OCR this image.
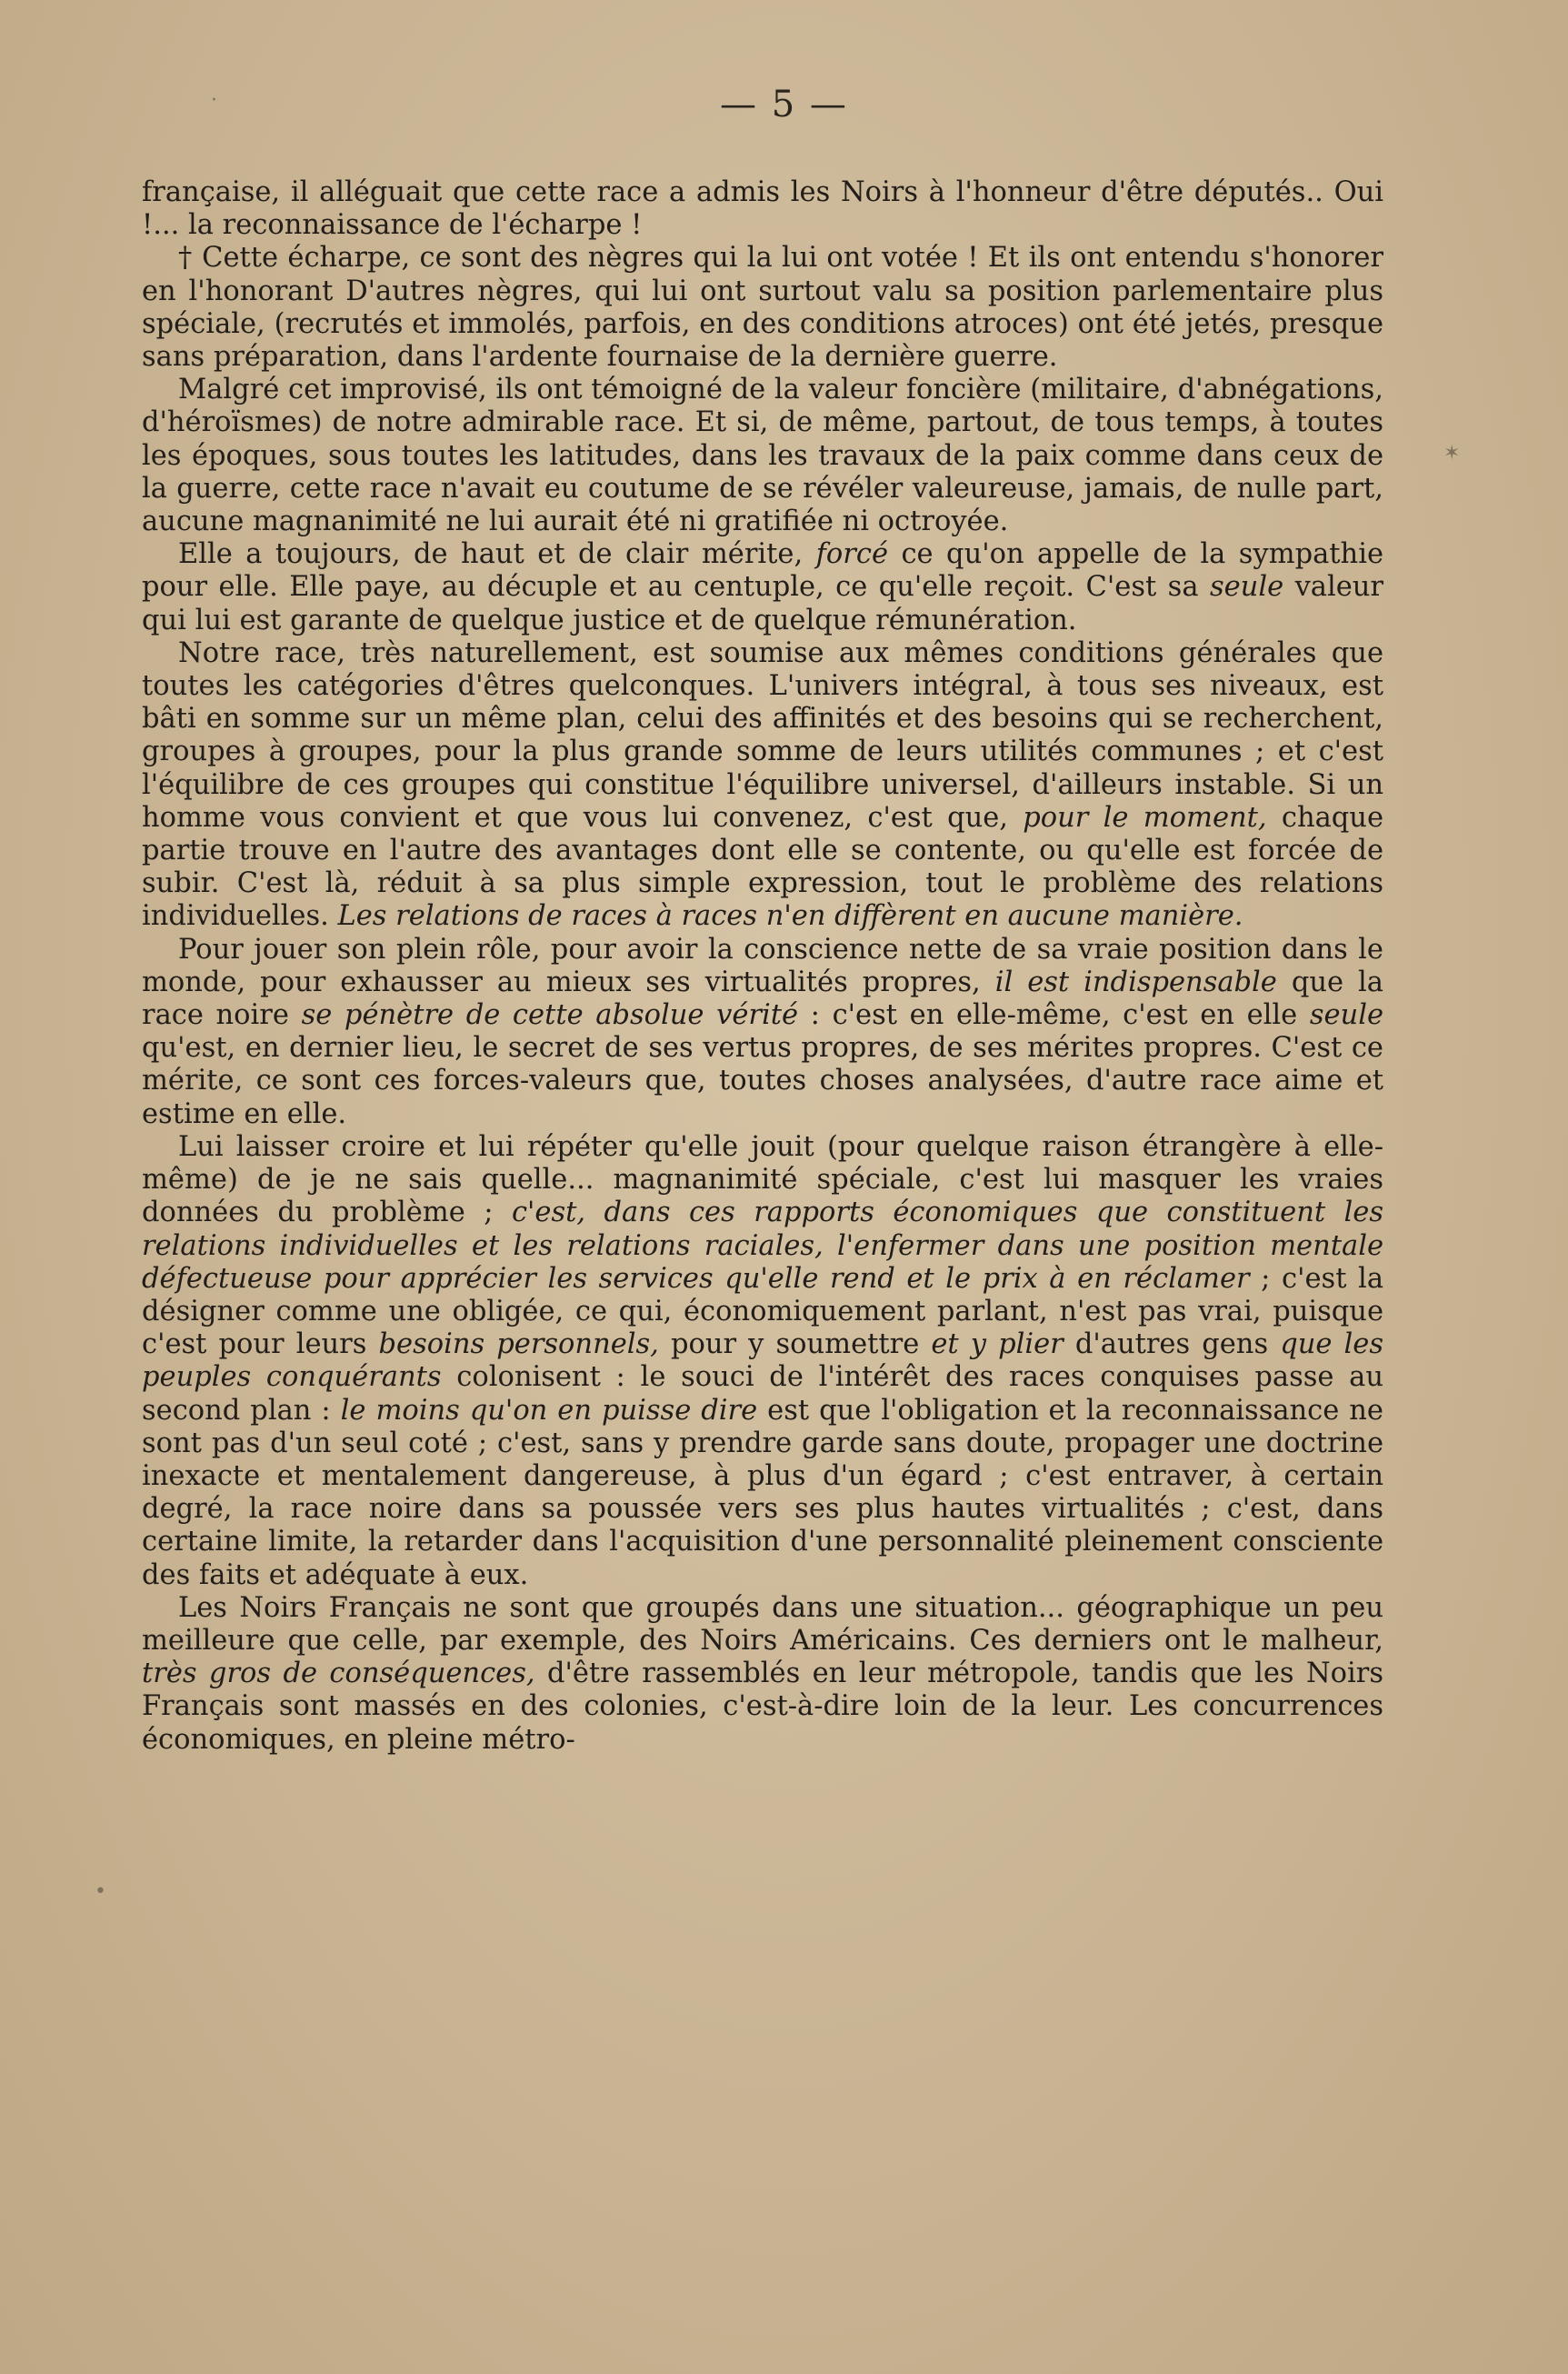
— 5 —
·
✶
•

française, il alléguait que cette race a admis les Noirs à l'honneur d'être députés.. Oui !... la reconnaissance de l'écharpe !

† Cette écharpe, ce sont des nègres qui la lui ont votée ! Et ils ont entendu s'honorer en l'honorant D'autres nègres, qui lui ont surtout valu sa position parlementaire plus spéciale, (recrutés et immolés, parfois, en des conditions atroces) ont été jetés, presque sans préparation, dans l'ardente fournaise de la dernière guerre.

Malgré cet improvisé, ils ont témoigné de la valeur foncière (militaire, d'abnégations, d'héroïsmes) de notre admirable race. Et si, de même, partout, de tous temps, à toutes les époques, sous toutes les latitudes, dans les travaux de la paix comme dans ceux de la guerre, cette race n'avait eu coutume de se révéler valeureuse, jamais, de nulle part, aucune magnanimité ne lui aurait été ni gratifiée ni octroyée.

Elle a toujours, de haut et de clair mérite, forcé ce qu'on appelle de la sympathie pour elle. Elle paye, au décuple et au centuple, ce qu'elle reçoit. C'est sa seule valeur qui lui est garante de quelque justice et de quelque rémunération.

Notre race, très naturellement, est soumise aux mêmes conditions générales que toutes les catégories d'êtres quelconques. L'univers intégral, à tous ses niveaux, est bâti en somme sur un même plan, celui des affinités et des besoins qui se recherchent, groupes à groupes, pour la plus grande somme de leurs utilités communes ; et c'est l'équilibre de ces groupes qui constitue l'équilibre universel, d'ailleurs instable. Si un homme vous convient et que vous lui convenez, c'est que, pour le moment, chaque partie trouve en l'autre des avantages dont elle se contente, ou qu'elle est forcée de subir. C'est là, réduit à sa plus simple expression, tout le problème des relations individuelles. Les relations de races à races n'en diffèrent en aucune manière.

Pour jouer son plein rôle, pour avoir la conscience nette de sa vraie position dans le monde, pour exhausser au mieux ses virtualités propres, il est indispensable que la race noire se pénètre de cette absolue vérité : c'est en elle-même, c'est en elle seule qu'est, en dernier lieu, le secret de ses vertus propres, de ses mérites propres. C'est ce mérite, ce sont ces forces-valeurs que, toutes choses analysées, d'autre race aime et estime en elle.

Lui laisser croire et lui répéter qu'elle jouit (pour quelque raison étrangère à elle-même) de je ne sais quelle... magnanimité spéciale, c'est lui masquer les vraies données du problème ; c'est, dans ces rapports économiques que constituent les relations individuelles et les relations raciales, l'enfermer dans une position mentale défectueuse pour apprécier les services qu'elle rend et le prix à en réclamer ; c'est la désigner comme une obligée, ce qui, économiquement parlant, n'est pas vrai, puisque c'est pour leurs besoins personnels, pour y soumettre et y plier d'autres gens que les peuples conquérants colonisent : le souci de l'intérêt des races conquises passe au second plan : le moins qu'on en puisse dire est que l'obligation et la reconnaissance ne sont pas d'un seul coté ; c'est, sans y prendre garde sans doute, propager une doctrine inexacte et mentalement dangereuse, à plus d'un égard ; c'est entraver, à certain degré, la race noire dans sa poussée vers ses plus hautes virtualités ; c'est, dans certaine limite, la retarder dans l'acquisition d'une personnalité pleinement consciente des faits et adéquate à eux.

Les Noirs Français ne sont que groupés dans une situation... géographique un peu meilleure que celle, par exemple, des Noirs Américains. Ces derniers ont le malheur, très gros de conséquences, d'être rassemblés en leur métropole, tandis que les Noirs Français sont massés en des colonies, c'est-à-dire loin de la leur. Les concurrences économiques, en pleine métro-
